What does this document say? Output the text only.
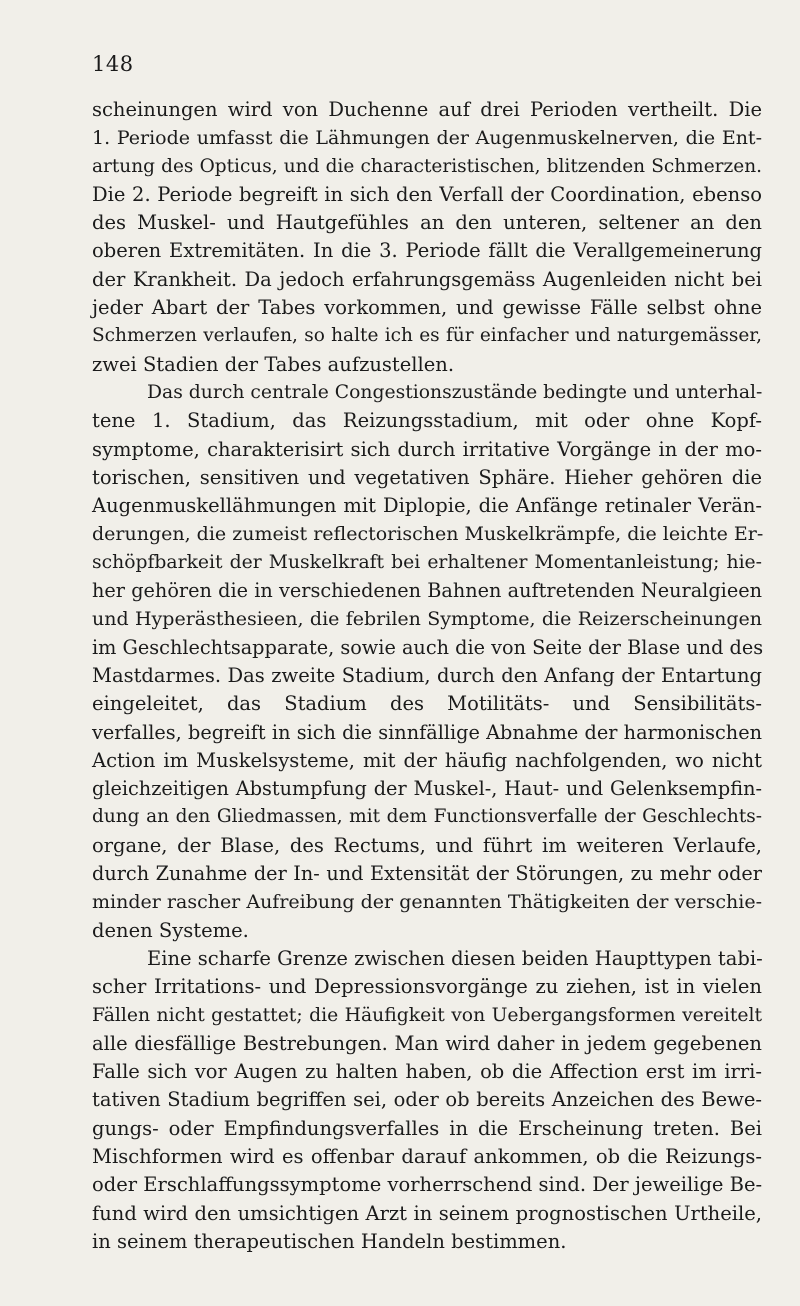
148
scheinungen wird von Duchenne auf drei Perioden vertheilt. Die
1. Periode umfasst die Lähmungen der Augenmuskelnerven, die Ent-
artung des Opticus, und die characteristischen, blitzenden Schmerzen.
Die 2. Periode begreift in sich den Verfall der Coordination, ebenso
des Muskel- und Hautgefühles an den unteren, seltener an den
oberen Extremitäten. In die 3. Periode fällt die Verallgemeinerung
der Krankheit. Da jedoch erfahrungsgemäss Augenleiden nicht bei
jeder Abart der Tabes vorkommen, und gewisse Fälle selbst ohne
Schmerzen verlaufen, so halte ich es für einfacher und naturgemässer,
zwei Stadien der Tabes aufzustellen.
Das durch centrale Congestionszustände bedingte und unterhal-
tene 1. Stadium, das Reizungsstadium, mit oder ohne Kopf-
symptome, charakterisirt sich durch irritative Vorgänge in der mo-
torischen, sensitiven und vegetativen Sphäre. Hieher gehören die
Augenmuskellähmungen mit Diplopie, die Anfänge retinaler Verän-
derungen, die zumeist reflectorischen Muskelkrämpfe, die leichte Er-
schöpfbarkeit der Muskelkraft bei erhaltener Momentanleistung; hie-
her gehören die in verschiedenen Bahnen auftretenden Neuralgieen
und Hyperästhesieen, die febrilen Symptome, die Reizerscheinungen
im Geschlechtsapparate, sowie auch die von Seite der Blase und des
Mastdarmes. Das zweite Stadium, durch den Anfang der Entartung
eingeleitet, das Stadium des Motilitäts- und Sensibilitäts-
verfalles, begreift in sich die sinnfällige Abnahme der harmonischen
Action im Muskelsysteme, mit der häufig nachfolgenden, wo nicht
gleichzeitigen Abstumpfung der Muskel-, Haut- und Gelenksempfin-
dung an den Gliedmassen, mit dem Functionsverfalle der Geschlechts-
organe, der Blase, des Rectums, und führt im weiteren Verlaufe,
durch Zunahme der In- und Extensität der Störungen, zu mehr oder
minder rascher Aufreibung der genannten Thätigkeiten der verschie-
denen Systeme.
Eine scharfe Grenze zwischen diesen beiden Haupttypen tabi-
scher Irritations- und Depressionsvorgänge zu ziehen, ist in vielen
Fällen nicht gestattet; die Häufigkeit von Uebergangsformen vereitelt
alle diesfällige Bestrebungen. Man wird daher in jedem gegebenen
Falle sich vor Augen zu halten haben, ob die Affection erst im irri-
tativen Stadium begriffen sei, oder ob bereits Anzeichen des Bewe-
gungs- oder Empfindungsverfalles in die Erscheinung treten. Bei
Mischformen wird es offenbar darauf ankommen, ob die Reizungs-
oder Erschlaffungssymptome vorherrschend sind. Der jeweilige Be-
fund wird den umsichtigen Arzt in seinem prognostischen Urtheile,
in seinem therapeutischen Handeln bestimmen.
